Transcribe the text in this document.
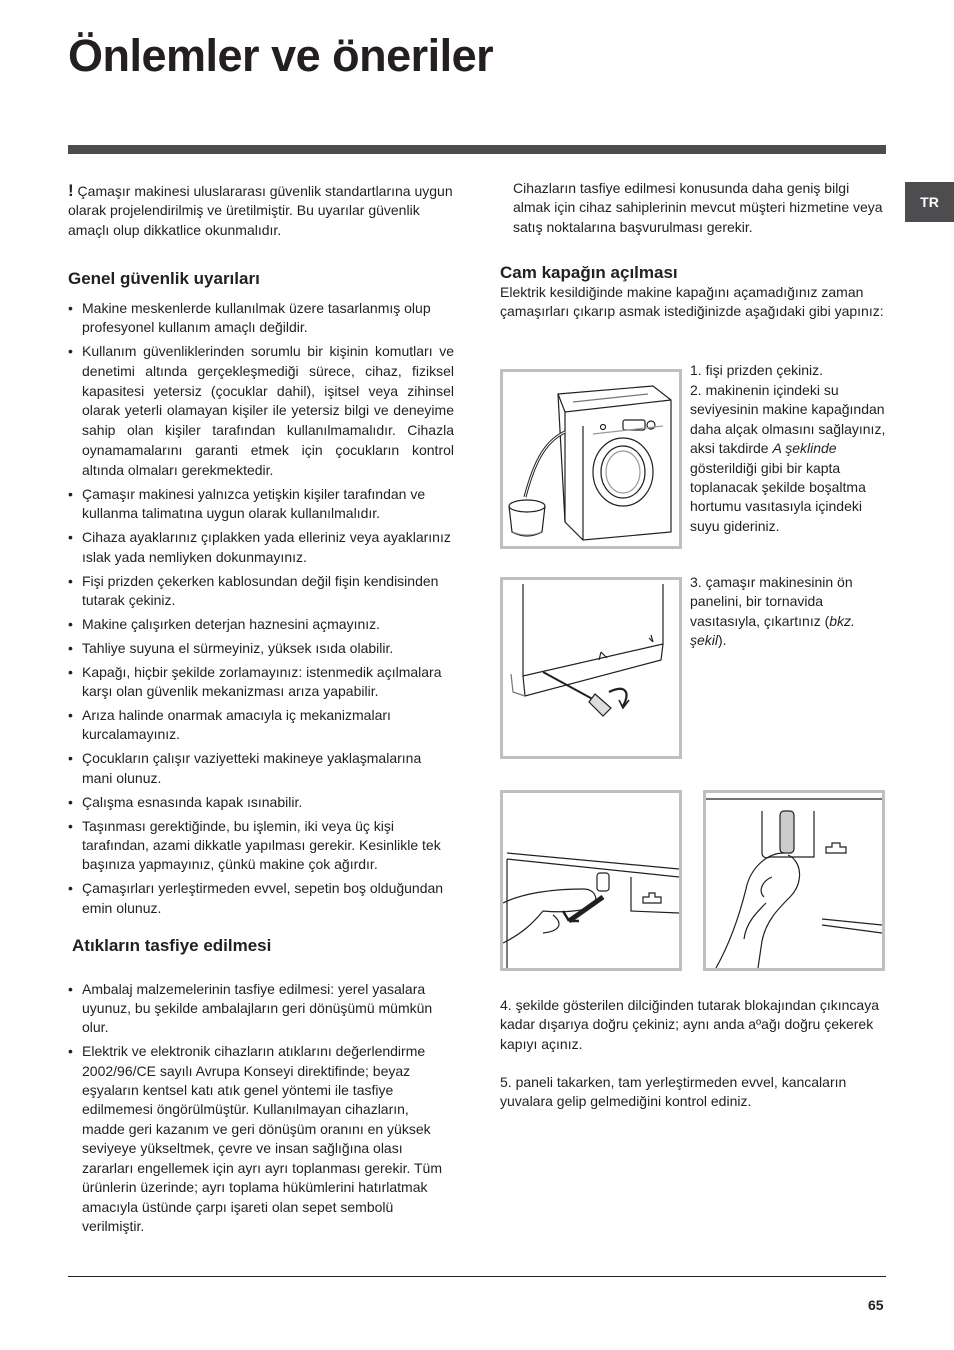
Önlemler ve öneriler
TR

! Çamaşır makinesi uluslararası güvenlik standartlarına uygun olarak projelendirilmiş ve üretilmiştir. Bu uyarılar güvenlik amaçlı olup dikkatlice okunmalıdır.

Genel güvenlik uyarıları
• Makine meskenlerde kullanılmak üzere tasarlanmış olup profesyonel kullanım amaçlı değildir.
• Kullanım güvenliklerinden sorumlu bir kişinin komutları ve denetimi altında gerçekleşmediği sürece, cihaz, fiziksel kapasitesi yetersiz (çocuklar dahil), işitsel veya zihinsel olarak yeterli olamayan kişiler ile yetersiz bilgi ve deneyime sahip olan kişiler tarafından kullanılmamalıdır. Cihazla oynamamalarını garanti etmek için çocukların kontrol altında olmaları gerekmektedir.
• Çamaşır makinesi yalnızca yetişkin kişiler tarafından ve kullanma talimatına uygun olarak kullanılmalıdır.
• Cihaza ayaklarınız çıplakken yada elleriniz veya ayaklarınız ıslak yada nemliyken dokunmayınız.
• Fişi prizden çekerken kablosundan değil fişin kendisinden tutarak çekiniz.
• Makine çalışırken deterjan haznesini açmayınız.
• Tahliye suyuna el sürmeyiniz, yüksek ısıda olabilir.
• Kapağı, hiçbir şekilde zorlamayınız: istenmedik açılmalara karşı olan güvenlik mekanizması arıza yapabilir.
• Arıza halinde onarmak amacıyla iç mekanizmaları kurcalamayınız.
• Çocukların çalışır vaziyetteki makineye yaklaşmalarına mani olunuz.
• Çalışma esnasında kapak ısınabilir.
• Taşınması gerektiğinde, bu işlemin, iki veya üç kişi tarafından, azami dikkatle yapılması gerekir. Kesinlikle tek başınıza yapmayınız, çünkü makine çok ağırdır.
• Çamaşırları yerleştirmeden evvel, sepetin boş olduğundan emin olunuz.
Atıkların tasfiye edilmesi
• Ambalaj malzemelerinin tasfiye edilmesi: yerel yasalara uyunuz, bu şekilde ambalajların geri dönüşümü mümkün olur.
• Elektrik ve elektronik cihazların atıklarını değerlendirme 2002/96/CE sayılı Avrupa Konseyi direktifinde; beyaz eşyaların kentsel katı atık genel yöntemi ile tasfiye edilmemesi öngörülmüştür. Kullanılmayan cihazların, madde geri kazanım ve geri dönüşüm oranını en yüksek seviyeye yükseltmek, çevre ve insan sağlığına olası zararları engellemek için ayrı ayrı toplanması gerekir. Tüm ürünlerin üzerinde; ayrı toplama hükümlerini hatırlatmak amacıyla üstünde çarpı işareti olan sepet sembolü verilmiştir.

Cihazların tasfiye edilmesi konusunda daha geniş bilgi almak için cihaz sahiplerinin mevcut müşteri hizmetine veya satış noktalarına başvurulması gerekir.

Cam kapağın açılması

Elektrik kesildiğinde makine kapağını açamadığınız zaman çamaşırları çıkarıp asmak istediğinizde aşağıdaki gibi yapınız:

1. fişi prizden çekiniz.
2. makinenin içindeki su seviyesinin makine kapağından daha alçak olmasını sağlayınız, aksi takdirde A şeklinde gösterildiği gibi bir kapta toplanacak şekilde boşaltma hortumu vasıtasıyla içindeki suyu gideriniz.
3. çamaşır makinesinin ön panelini, bir tornavida vasıtasıyla, çıkartınız (bkz. şekil).
4. şekilde gösterilen dilciğinden tutarak blokajından çıkıncaya kadar dışarıya doğru çekiniz; aynı anda aºağı doğru çekerek kapıyı açınız.
5. paneli takarken, tam yerleştirmeden evvel, kancaların yuvalara gelip gelmediğini kontrol ediniz.
65
